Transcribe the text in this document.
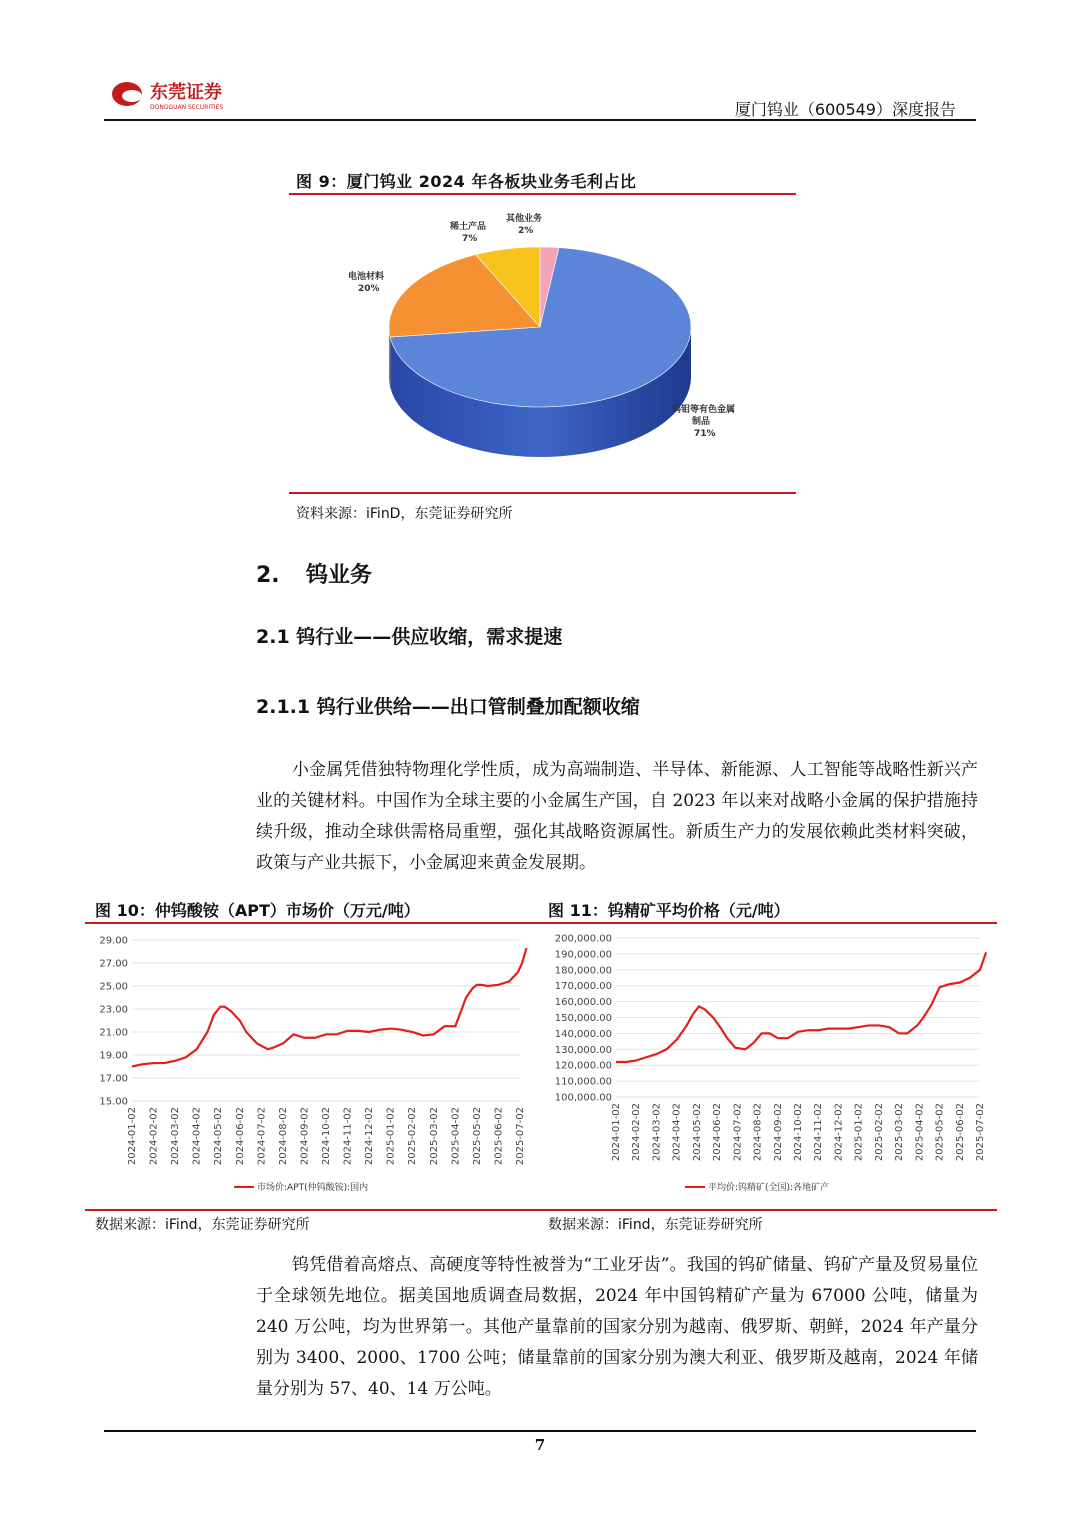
东莞证券
DONGGUAN SECURITIES	厦门钨业（600549）深度报告
图 9：厦门钨业 2024 年各板块业务毛利占比
钨钼等有色金属
制品
71%
电池材料
20%
稀土产品
7%
其他业务
2%
资料来源：iFinD，东莞证券研究所
2. 钨业务
2.1 钨行业——供应收缩，需求提速
2.1.1 钨行业供给——出口管制叠加配额收缩
小金属凭借独特物理化学性质，成为高端制造、半导体、新能源、人工智能等战略性新兴产业的关键材料。中国作为全球主要的小金属生产国，自 2023 年以来对战略小金属的保护措施持续升级，推动全球供需格局重塑，强化其战略资源属性。新质生产力的发展依赖此类材料突破，政策与产业共振下，小金属迎来黄金发展期。
图 10：仲钨酸铵（APT）市场价（万元/吨）	图 11：钨精矿平均价格（元/吨）
29.00
27.00
25.00
23.00
21.00
19.00
17.00
15.00
2024-01-02 2024-02-02 2024-03-02 2024-04-02 2024-05-02 2024-06-02 2024-07-02 2024-08-02 2024-09-02 2024-10-02 2024-11-02 2024-12-02 2025-01-02 2025-02-02 2025-03-02 2025-04-02 2025-05-02 2025-06-02 2025-07-02
市场价:APT(仲钨酸铵):国内
200,000.00
190,000.00
180,000.00
170,000.00
160,000.00
150,000.00
140,000.00
130,000.00
120,000.00
110,000.00
100,000.00
2024-01-02 2024-02-02 2024-03-02 2024-04-02 2024-05-02 2024-06-02 2024-07-02 2024-08-02 2024-09-02 2024-10-02 2024-11-02 2024-12-02 2025-01-02 2025-02-02 2025-03-02 2025-04-02 2025-05-02 2025-06-02 2025-07-02
平均价:钨精矿(全国):各地矿产
数据来源：iFind，东莞证券研究所	数据来源：iFind，东莞证券研究所
钨凭借着高熔点、高硬度等特性被誉为“工业牙齿”。我国的钨矿储量、钨矿产量及贸易量位于全球领先地位。据美国地质调查局数据，2024 年中国钨精矿产量为 67000 公吨，储量为 240 万公吨，均为世界第一。其他产量靠前的国家分别为越南、俄罗斯、朝鲜，2024 年产量分别为 3400、2000、1700 公吨；储量靠前的国家分别为澳大利亚、俄罗斯及越南，2024 年储量分别为 57、40、14 万公吨。
7
